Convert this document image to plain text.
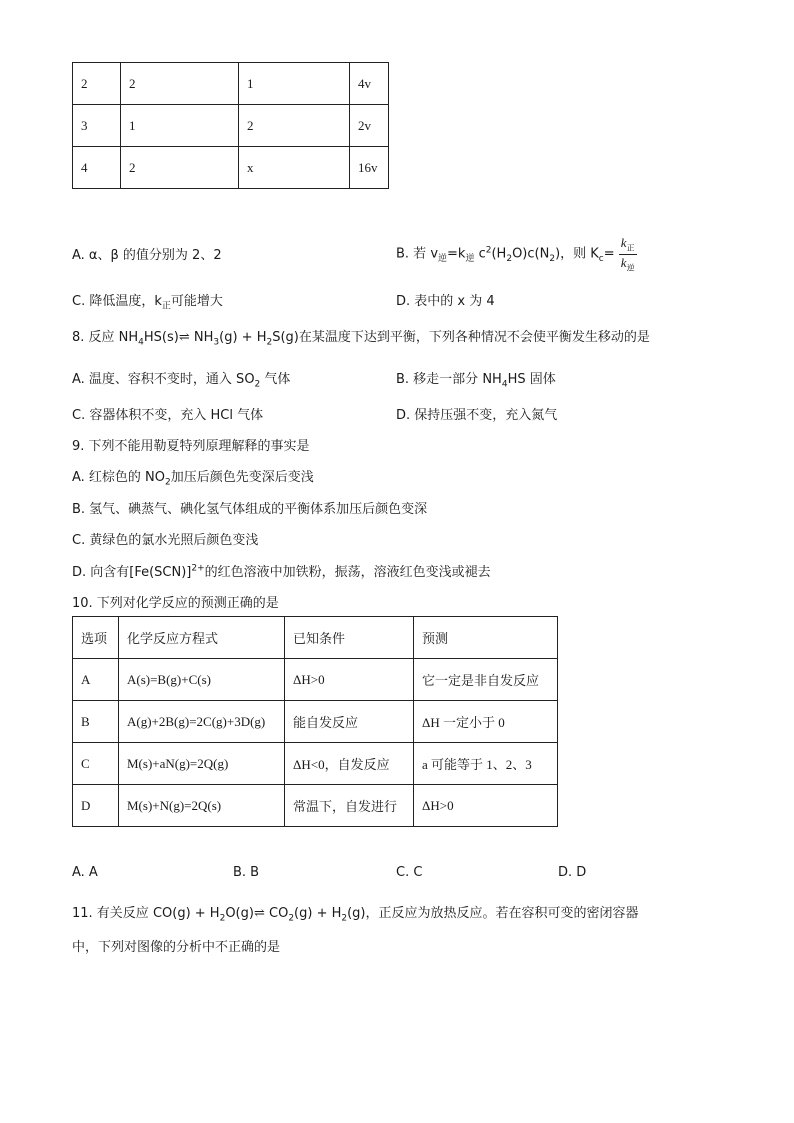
2	2	1	4v
3	1	2	2v
4	2	x	16v
A. α、β 的值分别为 2、2	B. 若 $v_逆=k_逆$ $c^2(H_2O)c(N_2)$，则 $K_c= \frac{k_正}{k_逆}$
C. 降低温度，$k_正$可能增大	D. 表中的 x 为 4
8. 反应 $NH_4HS(s)\rightleftharpoons$ $NH_3(g) + H_2S(g)$在某温度下达到平衡，下列各种情况不会使平衡发生移动的是
A. 温度、容积不变时，通入 $SO_2$ 气体	B. 移走一部分 $NH_4HS$ 固体
C. 容器体积不变，充入 HCl 气体	D. 保持压强不变，充入氮气
9. 下列不能用勒夏特列原理解释的事实是
A. 红棕色的 $NO_2$加压后颜色先变深后变浅
B. 氢气、碘蒸气、碘化氢气体组成的平衡体系加压后颜色变深
C. 黄绿色的氯水光照后颜色变浅
D. 向含有$[Fe(SCN)]^{2+}$的红色溶液中加铁粉，振荡，溶液红色变浅或褪去
10. 下列对化学反应的预测正确的是
选项	化学反应方程式	已知条件	预测
A	A(s)=B(g)+C(s)	ΔH>0	它一定是非自发反应
B	A(g)+2B(g)=2C(g)+3D(g)	能自发反应	ΔH 一定小于 0
C	M(s)+aN(g)=2Q(g)	ΔH<0，自发反应	a 可能等于 1、2、3
D	M(s)+N(g)=2Q(s)	常温下，自发进行	ΔH>0
A. A	B. B	C. C	D. D
11. 有关反应 $CO(g) + H_2O(g)\rightleftharpoons$ $CO_2(g) + H_2(g)$，正反应为放热反应。若在容积可变的密闭容器
中，下列对图像的分析中不正确的是
